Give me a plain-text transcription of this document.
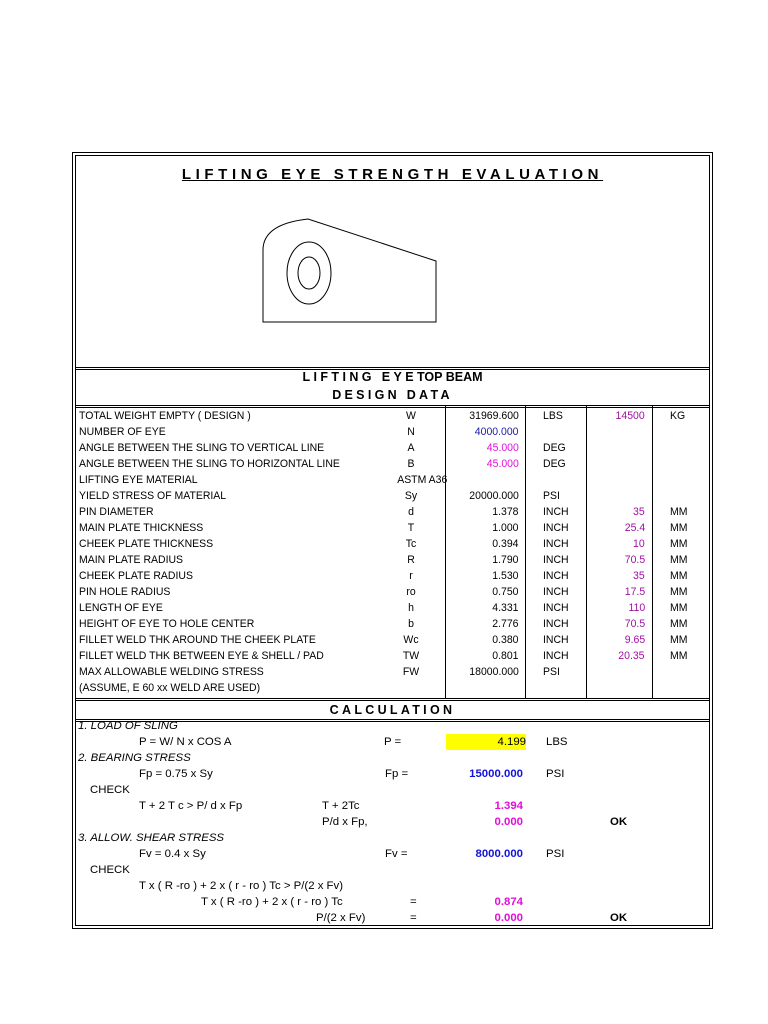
LIFTING EYE STRENGTH EVALUATION
LIFTING EYETOP BEAM
DESIGN DATA
TOTAL WEIGHT EMPTY ( DESIGN )	W	31969.600 LBS	14500 KG
NUMBER OF EYE	N	4000.000
ANGLE BETWEEN THE SLING TO VERTICAL LINE	A	45.000 DEG
ANGLE BETWEEN THE SLING TO HORIZONTAL LINE	B	45.000 DEG
LIFTING EYE MATERIAL	ASTM A36
YIELD STRESS OF MATERIAL	Sy	20000.000 PSI
PIN DIAMETER	d	1.378 INCH	35 MM
MAIN PLATE THICKNESS	T	1.000 INCH	25.4 MM
CHEEK PLATE THICKNESS	Tc	0.394 INCH	10 MM
MAIN PLATE RADIUS	R	1.790 INCH	70.5 MM
CHEEK PLATE RADIUS	r	1.530 INCH	35 MM
PIN HOLE RADIUS	ro	0.750 INCH	17.5 MM
LENGTH OF EYE	h	4.331 INCH	110 MM
HEIGHT OF EYE TO HOLE CENTER	b	2.776 INCH	70.5 MM
FILLET WELD THK AROUND THE CHEEK PLATE	Wc	0.380 INCH	9.65 MM
FILLET WELD THK BETWEEN EYE & SHELL / PAD	TW	0.801 INCH	20.35 MM
MAX ALLOWABLE WELDING STRESS	FW	18000.000 PSI
(ASSUME, E 60 xx WELD ARE USED)
CALCULATION
1. LOAD OF SLING
P = W/ N x COS A	P =	4.199 LBS
2. BEARING STRESS
Fp = 0.75 x Sy	Fp =	15000.000 PSI
CHECK
T + 2 T c > P/ d x Fp	T + 2Tc	1.394
P/d x Fp,	0.000	OK
3. ALLOW. SHEAR STRESS
Fv = 0.4 x Sy	Fv =	8000.000 PSI
CHECK
T x ( R -ro ) + 2 x ( r - ro ) Tc > P/(2 x Fv)
T x ( R -ro ) + 2 x ( r - ro ) Tc	=	0.874
P/(2 x Fv)	=	0.000	OK
